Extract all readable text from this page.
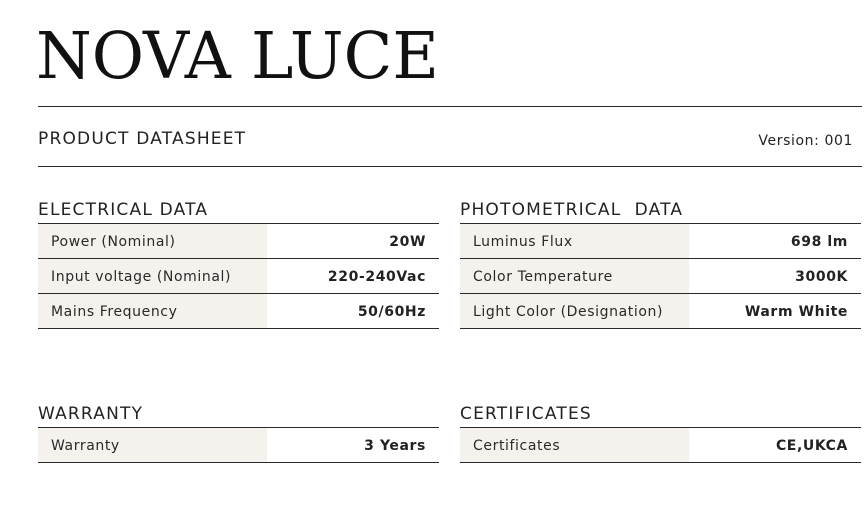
NOVA LUCE
PRODUCT DATASHEET	Version: 001
ELECTRICAL DATA
Power (Nominal)	20W
Input voltage (Nominal)	220-240Vac
Mains Frequency	50/60Hz
PHOTOMETRICAL  DATA
Luminus Flux	698 lm
Color Temperature	3000K
Light Color (Designation)	Warm White
WARRANTY
Warranty	3 Years
CERTIFICATES
Certificates	CE,UKCA
